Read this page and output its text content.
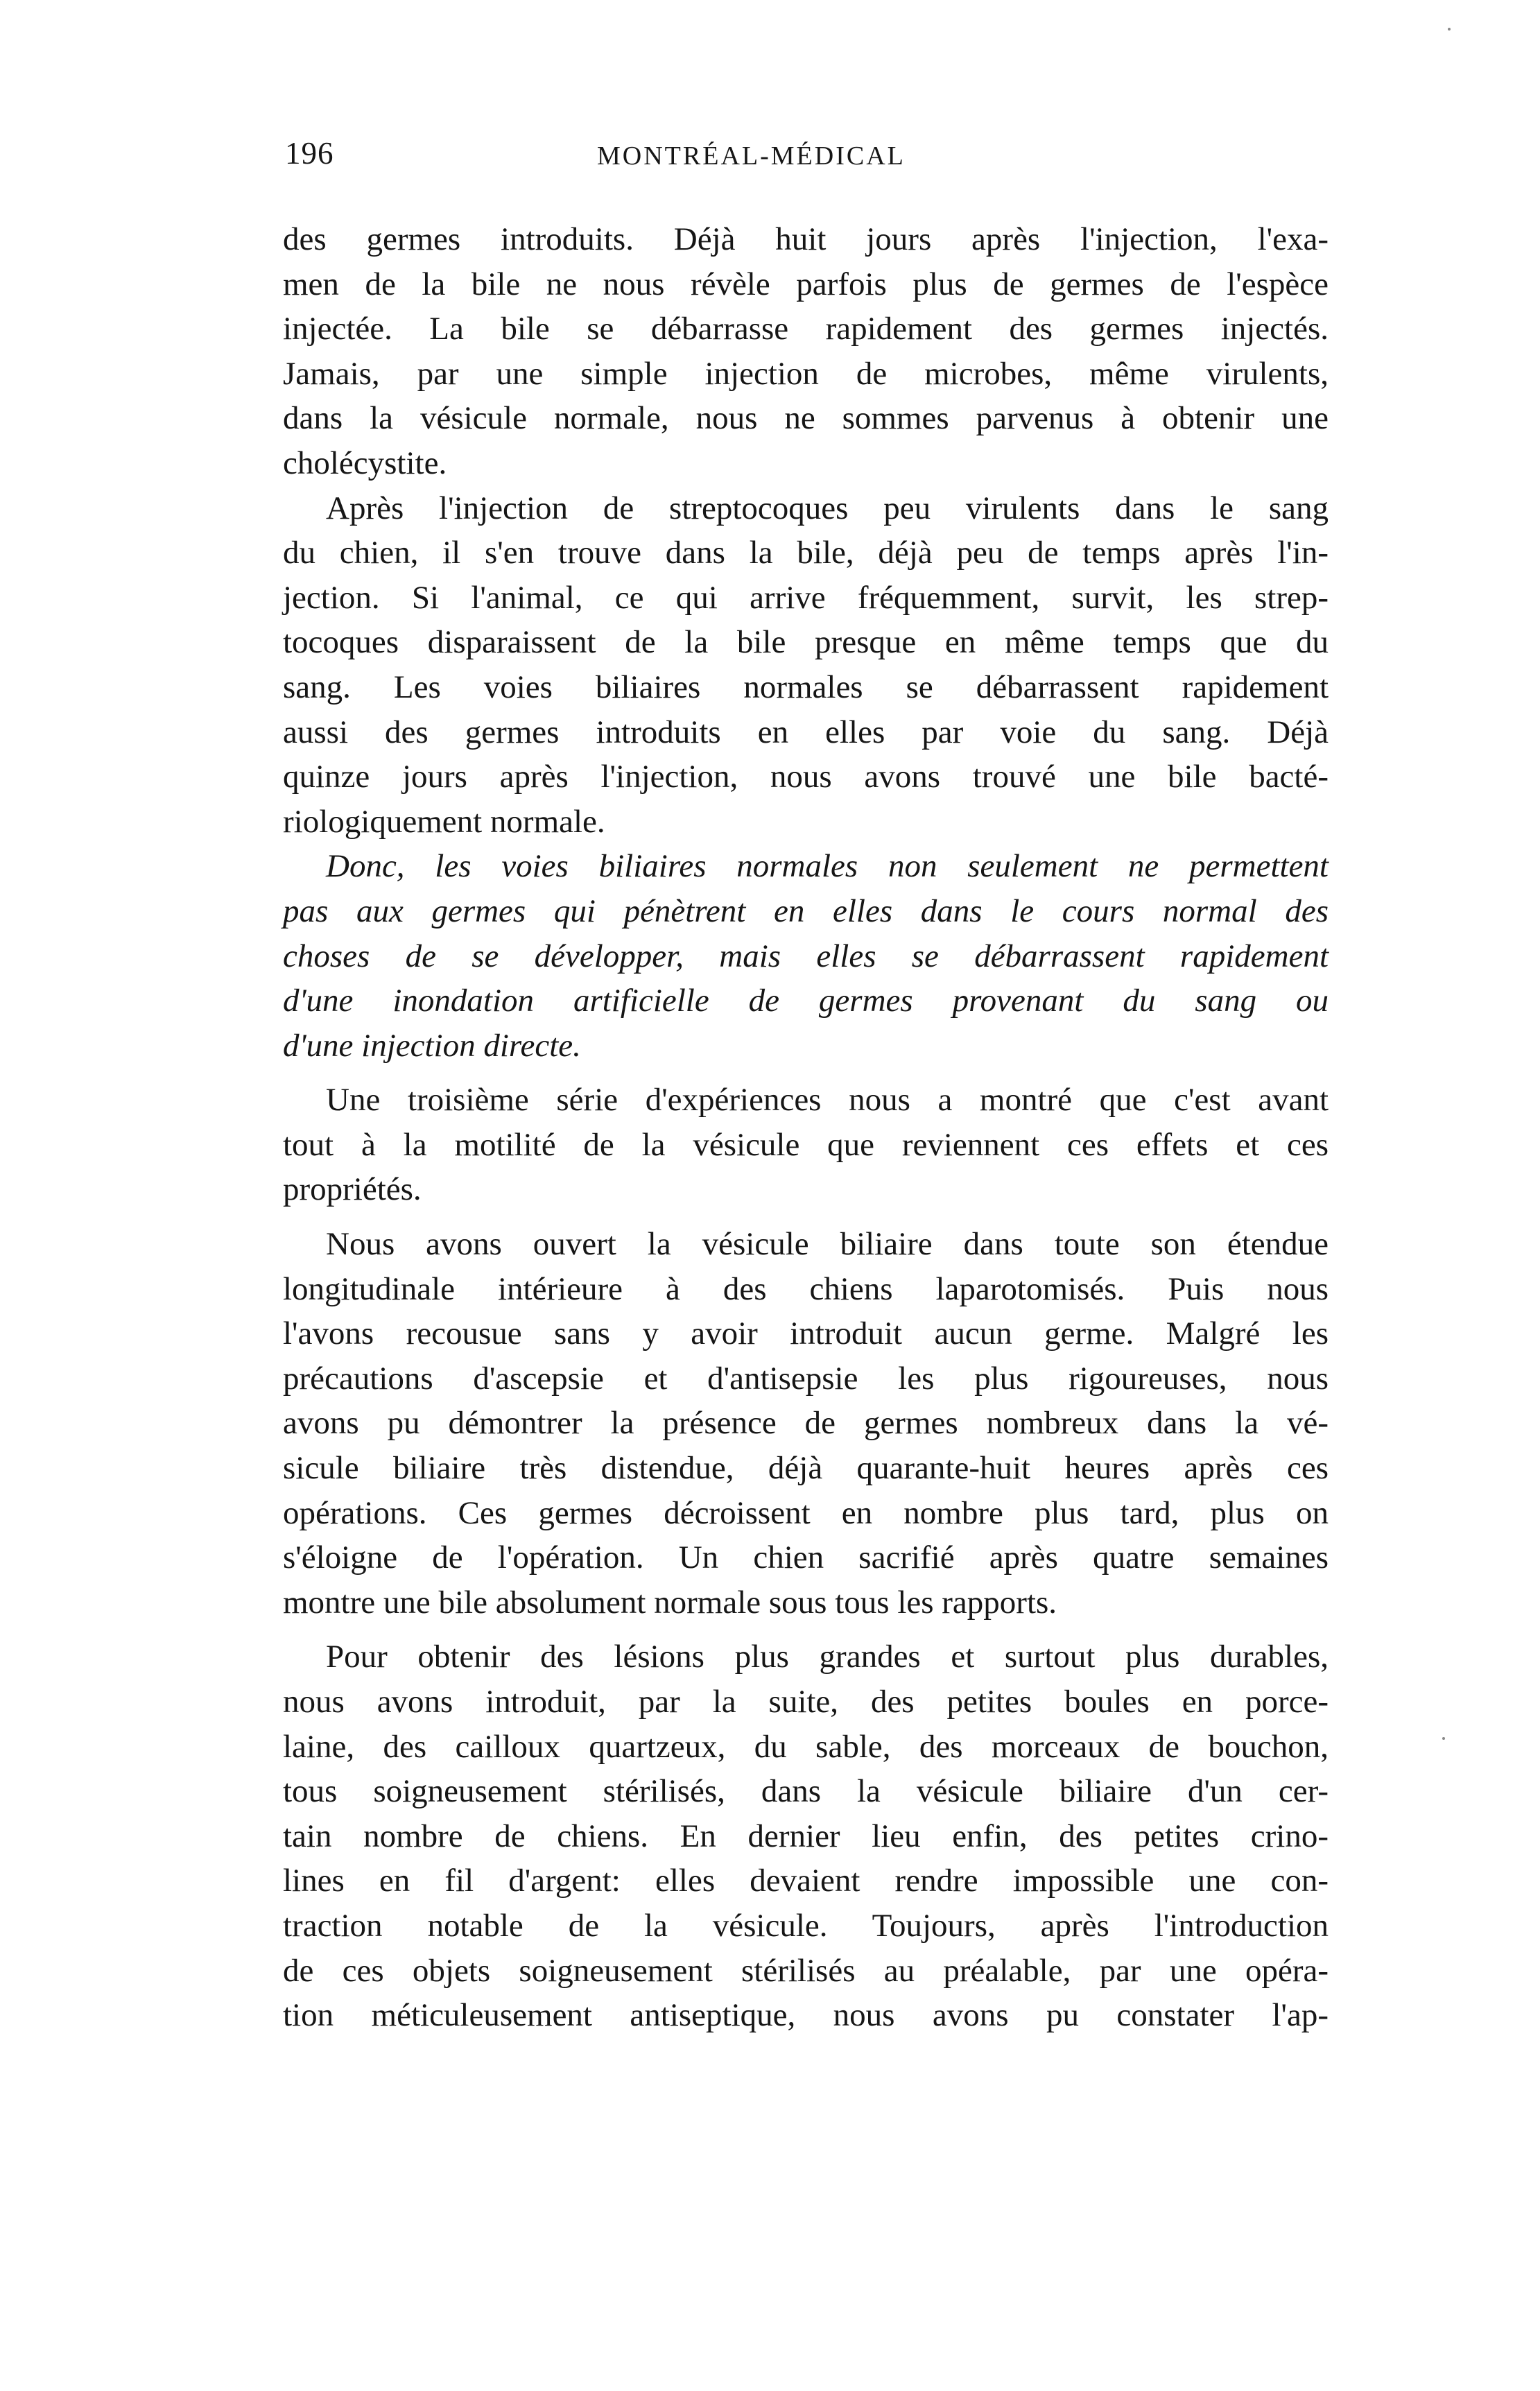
196	MONTRÉAL-MÉDICAL
des germes introduits. Déjà huit jours après l'injection, l'exa-
men de la bile ne nous révèle parfois plus de germes de l'espèce
injectée. La bile se débarrasse rapidement des germes injectés.
Jamais, par une simple injection de microbes, même virulents,
dans la vésicule normale, nous ne sommes parvenus à obtenir une
cholécystite.
Après l'injection de streptocoques peu virulents dans le sang
du chien, il s'en trouve dans la bile, déjà peu de temps après l'in-
jection. Si l'animal, ce qui arrive fréquemment, survit, les strep-
tocoques disparaissent de la bile presque en même temps que du
sang. Les voies biliaires normales se débarrassent rapidement
aussi des germes introduits en elles par voie du sang. Déjà
quinze jours après l'injection, nous avons trouvé une bile bacté-
riologiquement normale.
Donc, les voies biliaires normales non seulement ne permettent
pas aux germes qui pénètrent en elles dans le cours normal des
choses de se développer, mais elles se débarrassent rapidement
d'une inondation artificielle de germes provenant du sang ou
d'une injection directe.
Une troisième série d'expériences nous a montré que c'est avant
tout à la motilité de la vésicule que reviennent ces effets et ces
propriétés.
Nous avons ouvert la vésicule biliaire dans toute son étendue
longitudinale intérieure à des chiens laparotomisés. Puis nous
l'avons recousue sans y avoir introduit aucun germe. Malgré les
précautions d'ascepsie et d'antisepsie les plus rigoureuses, nous
avons pu démontrer la présence de germes nombreux dans la vé-
sicule biliaire très distendue, déjà quarante-huit heures après ces
opérations. Ces germes décroissent en nombre plus tard, plus on
s'éloigne de l'opération. Un chien sacrifié après quatre semaines
montre une bile absolument normale sous tous les rapports.
Pour obtenir des lésions plus grandes et surtout plus durables,
nous avons introduit, par la suite, des petites boules en porce-
laine, des cailloux quartzeux, du sable, des morceaux de bouchon,
tous soigneusement stérilisés, dans la vésicule biliaire d'un cer-
tain nombre de chiens. En dernier lieu enfin, des petites crino-
lines en fil d'argent: elles devaient rendre impossible une con-
traction notable de la vésicule. Toujours, après l'introduction
de ces objets soigneusement stérilisés au préalable, par une opéra-
tion méticuleusement antiseptique, nous avons pu constater l'ap-
